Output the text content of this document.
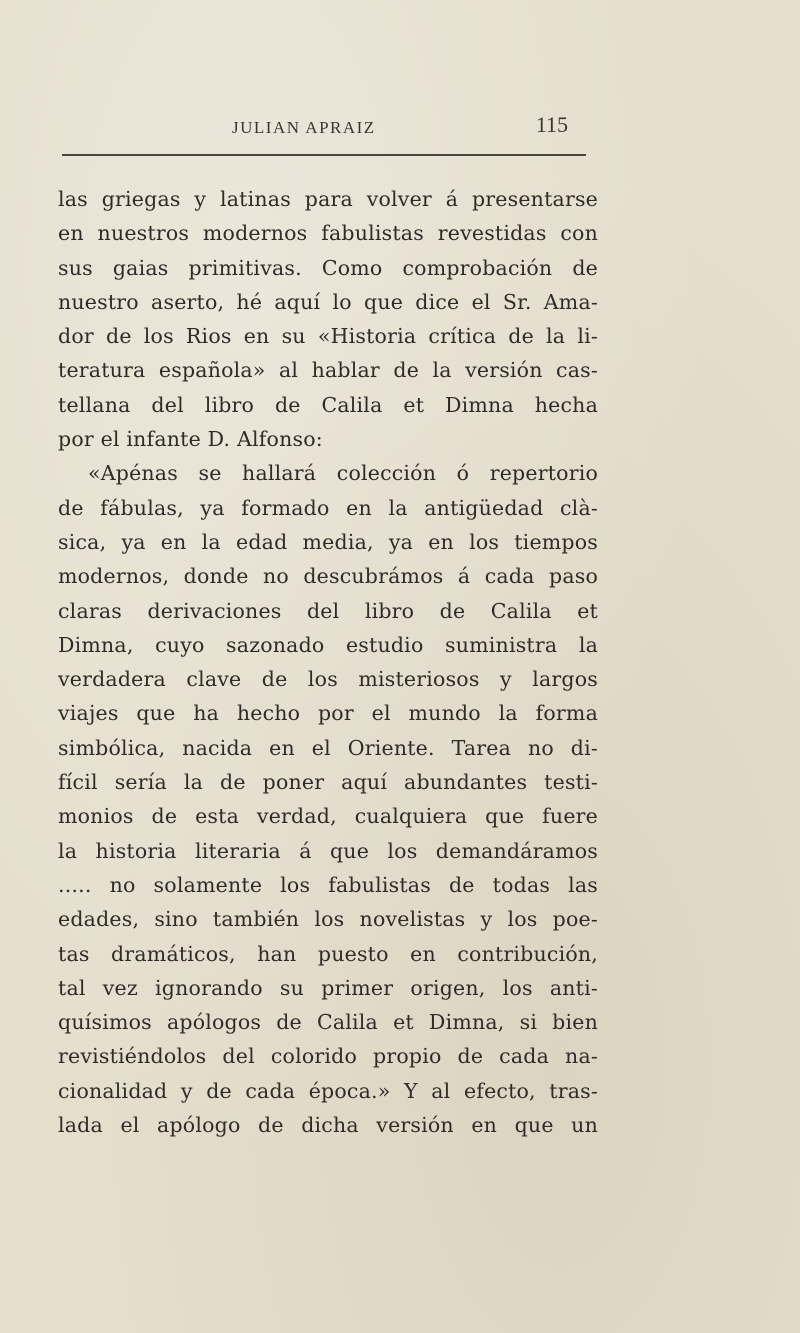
JULIAN APRAIZ	115
las griegas y latinas para volver á presentarse
en nuestros modernos fabulistas revestidas con
sus gaias primitivas. Como comprobación de
nuestro aserto, hé aquí lo que dice el Sr. Ama-
dor de los Rios en su «Historia crítica de la li-
teratura española» al hablar de la versión cas-
tellana del libro de Calila et Dimna hecha
por el infante D. Alfonso:
«Apénas se hallará colección ó repertorio
de fábulas, ya formado en la antigüedad clà-
sica, ya en la edad media, ya en los tiempos
modernos, donde no descubrámos á cada paso
claras derivaciones del libro de Calila et
Dimna, cuyo sazonado estudio suministra la
verdadera clave de los misteriosos y largos
viajes que ha hecho por el mundo la forma
simbólica, nacida en el Oriente. Tarea no di-
fícil sería la de poner aquí abundantes testi-
monios de esta verdad, cualquiera que fuere
la historia literaria á que los demandáramos
..... no solamente los fabulistas de todas las
edades, sino también los novelistas y los poe-
tas dramáticos, han puesto en contribución,
tal vez ignorando su primer origen, los anti-
quísimos apólogos de Calila et Dimna, si bien
revistiéndolos del colorido propio de cada na-
cionalidad y de cada época.» Y al efecto, tras-
lada el apólogo de dicha versión en que un
